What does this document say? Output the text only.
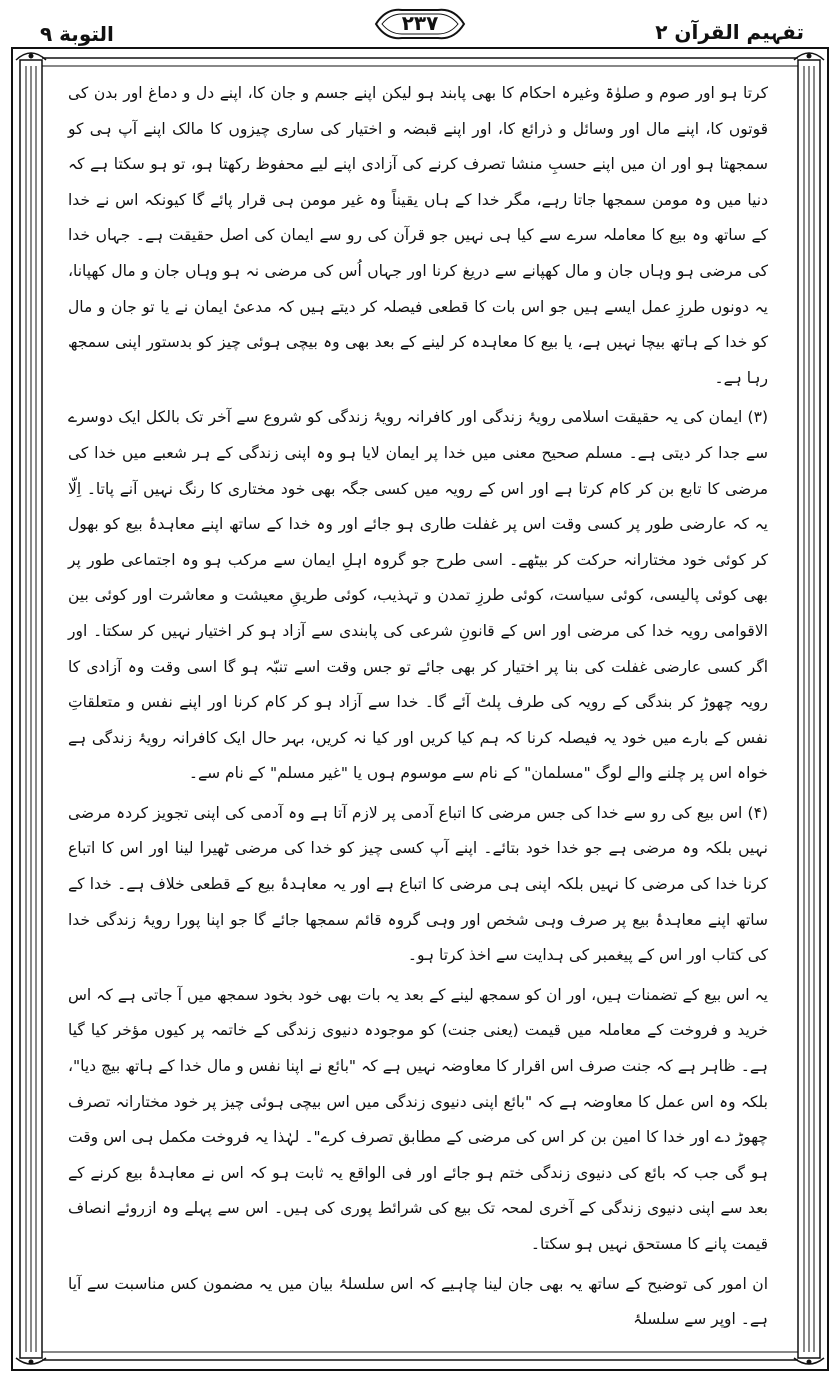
التوبة ۹	۲۳۷	تفہیم القرآن ۲

کرتا ہو اور صوم و صلوٰۃ وغیرہ احکام کا بھی پابند ہو لیکن اپنے جسم و جان کا، اپنے دل و دماغ اور بدن کی قوتوں کا، اپنے مال اور وسائل و ذرائع کا، اور اپنے قبضہ و اختیار کی ساری چیزوں کا مالک اپنے آپ ہی کو سمجھتا ہو اور ان میں اپنے حسبِ منشا تصرف کرنے کی آزادی اپنے لیے محفوظ رکھتا ہو، تو ہو سکتا ہے کہ دنیا میں وہ مومن سمجھا جاتا رہے، مگر خدا کے ہاں یقیناً وہ غیر مومن ہی قرار پائے گا کیونکہ اس نے خدا کے ساتھ وہ بیع کا معاملہ سرے سے کیا ہی نہیں جو قرآن کی رو سے ایمان کی اصل حقیقت ہے۔ جہاں خدا کی مرضی ہو وہاں جان و مال کھپانے سے دریغ کرنا اور جہاں اُس کی مرضی نہ ہو وہاں جان و مال کھپانا، یہ دونوں طرزِ عمل ایسے ہیں جو اس بات کا قطعی فیصلہ کر دیتے ہیں کہ مدعیٔ ایمان نے یا تو جان و مال کو خدا کے ہاتھ بیچا نہیں ہے، یا بیع کا معاہدہ کر لینے کے بعد بھی وہ بیچی ہوئی چیز کو بدستور اپنی سمجھ رہا ہے۔

(۳) ایمان کی یہ حقیقت اسلامی رویۂ زندگی اور کافرانہ رویۂ زندگی کو شروع سے آخر تک بالکل ایک دوسرے سے جدا کر دیتی ہے۔ مسلم صحیح معنی میں خدا پر ایمان لایا ہو وہ اپنی زندگی کے ہر شعبے میں خدا کی مرضی کا تابع بن کر کام کرتا ہے اور اس کے رویہ میں کسی جگہ بھی خود مختاری کا رنگ نہیں آنے پاتا۔ اِلّا یہ کہ عارضی طور پر کسی وقت اس پر غفلت طاری ہو جائے اور وہ خدا کے ساتھ اپنے معاہدۂ بیع کو بھول کر کوئی خود مختارانہ حرکت کر بیٹھے۔ اسی طرح جو گروہ اہلِ ایمان سے مرکب ہو وہ اجتماعی طور پر بھی کوئی پالیسی، کوئی سیاست، کوئی طرزِ تمدن و تہذیب، کوئی طریقِ معیشت و معاشرت اور کوئی بین الاقوامی رویہ خدا کی مرضی اور اس کے قانونِ شرعی کی پابندی سے آزاد ہو کر اختیار نہیں کر سکتا۔ اور اگر کسی عارضی غفلت کی بنا پر اختیار کر بھی جائے تو جس وقت اسے تنبّہ ہو گا اسی وقت وہ آزادی کا رویہ چھوڑ کر بندگی کے رویہ کی طرف پلٹ آئے گا۔ خدا سے آزاد ہو کر کام کرنا اور اپنے نفس و متعلقاتِ نفس کے بارے میں خود یہ فیصلہ کرنا کہ ہم کیا کریں اور کیا نہ کریں، بہر حال ایک کافرانہ رویۂ زندگی ہے خواہ اس پر چلنے والے لوگ "مسلمان" کے نام سے موسوم ہوں یا "غیر مسلم" کے نام سے۔

(۴) اس بیع کی رو سے خدا کی جس مرضی کا اتباع آدمی پر لازم آتا ہے وہ آدمی کی اپنی تجویز کردہ مرضی نہیں بلکہ وہ مرضی ہے جو خدا خود بتائے۔ اپنے آپ کسی چیز کو خدا کی مرضی ٹھیرا لینا اور اس کا اتباع کرنا خدا کی مرضی کا نہیں بلکہ اپنی ہی مرضی کا اتباع ہے اور یہ معاہدۂ بیع کے قطعی خلاف ہے۔ خدا کے ساتھ اپنے معاہدۂ بیع پر صرف وہی شخص اور وہی گروہ قائم سمجھا جائے گا جو اپنا پورا رویۂ زندگی خدا کی کتاب اور اس کے پیغمبر کی ہدایت سے اخذ کرتا ہو۔

یہ اس بیع کے تضمنات ہیں، اور ان کو سمجھ لینے کے بعد یہ بات بھی خود بخود سمجھ میں آ جاتی ہے کہ اس خرید و فروخت کے معاملہ میں قیمت (یعنی جنت) کو موجودہ دنیوی زندگی کے خاتمہ پر کیوں مؤخر کیا گیا ہے۔ ظاہر ہے کہ جنت صرف اس اقرار کا معاوضہ نہیں ہے کہ "بائع نے اپنا نفس و مال خدا کے ہاتھ بیچ دیا"، بلکہ وہ اس عمل کا معاوضہ ہے کہ "بائع اپنی دنیوی زندگی میں اس بیچی ہوئی چیز پر خود مختارانہ تصرف چھوڑ دے اور خدا کا امین بن کر اس کی مرضی کے مطابق تصرف کرے"۔ لہٰذا یہ فروخت مکمل ہی اس وقت ہو گی جب کہ بائع کی دنیوی زندگی ختم ہو جائے اور فی الواقع یہ ثابت ہو کہ اس نے معاہدۂ بیع کرنے کے بعد سے اپنی دنیوی زندگی کے آخری لمحہ تک بیع کی شرائط پوری کی ہیں۔ اس سے پہلے وہ ازروئے انصاف قیمت پانے کا مستحق نہیں ہو سکتا۔

ان امور کی توضیح کے ساتھ یہ بھی جان لینا چاہیے کہ اس سلسلۂ بیان میں یہ مضمون کس مناسبت سے آیا ہے۔ اوپر سے سلسلۂ
